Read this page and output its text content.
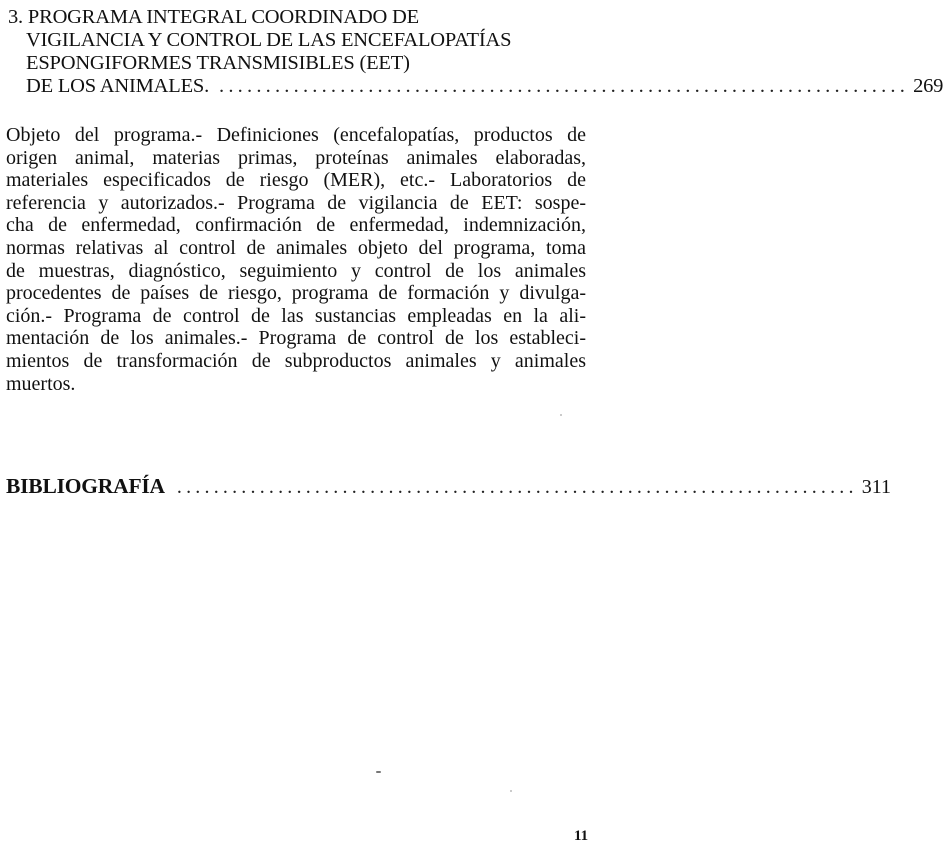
3. PROGRAMA INTEGRAL COORDINADO DE
VIGILANCIA Y CONTROL DE LAS ENCEFALOPATÍAS
ESPONGIFORMES TRANSMISIBLES (EET)
DE LOS ANIMALES. .......................................................................... 269
Objeto del programa.- Definiciones (encefalopatías, productos de
origen animal, materias primas, proteínas animales elaboradas,
materiales especificados de riesgo (MER), etc.- Laboratorios de
referencia y autorizados.- Programa de vigilancia de EET: sospe-
cha de enfermedad, confirmación de enfermedad, indemnización,
normas relativas al control de animales objeto del programa, toma
de muestras, diagnóstico, seguimiento y control de los animales
procedentes de países de riesgo, programa de formación y divulga-
ción.- Programa de control de las sustancias empleadas en la ali-
mentación de los animales.- Programa de control de los estableci-
mientos de transformación de subproductos animales y animales
muertos.
BIBLIOGRAFÍA .......................................................................... 311
11
